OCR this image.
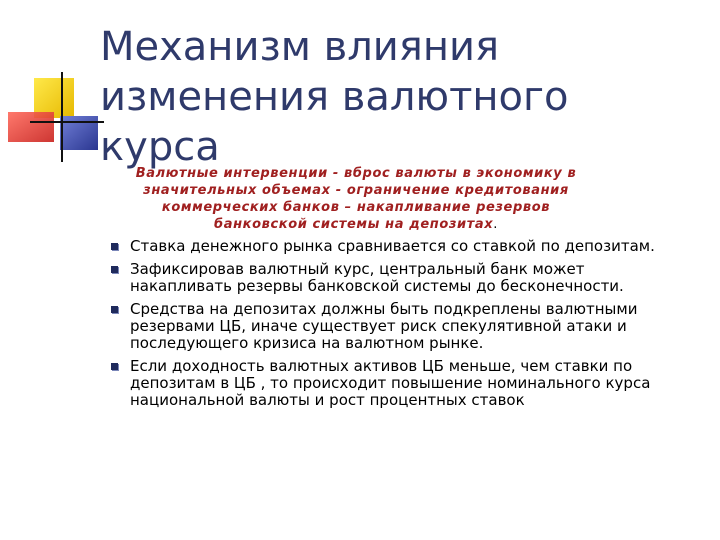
Механизм влияния изменения валютного курса

Валютные интервенции - вброс валюты в экономику в значительных объемах - ограничение кредитования коммерческих банков – накапливание резервов банковской системы на депозитах.

Ставка денежного рынка сравнивается со ставкой по депозитам.
Зафиксировав валютный курс, центральный банк может накапливать резервы банковской системы до бесконечности.
Средства на депозитах должны быть подкреплены валютными резервами ЦБ, иначе существует риск спекулятивной атаки и последующего кризиса на валютном рынке.
Если доходность валютных активов ЦБ меньше, чем ставки по депозитам в ЦБ , то происходит повышение номинального курса национальной валюты и рост процентных ставок
